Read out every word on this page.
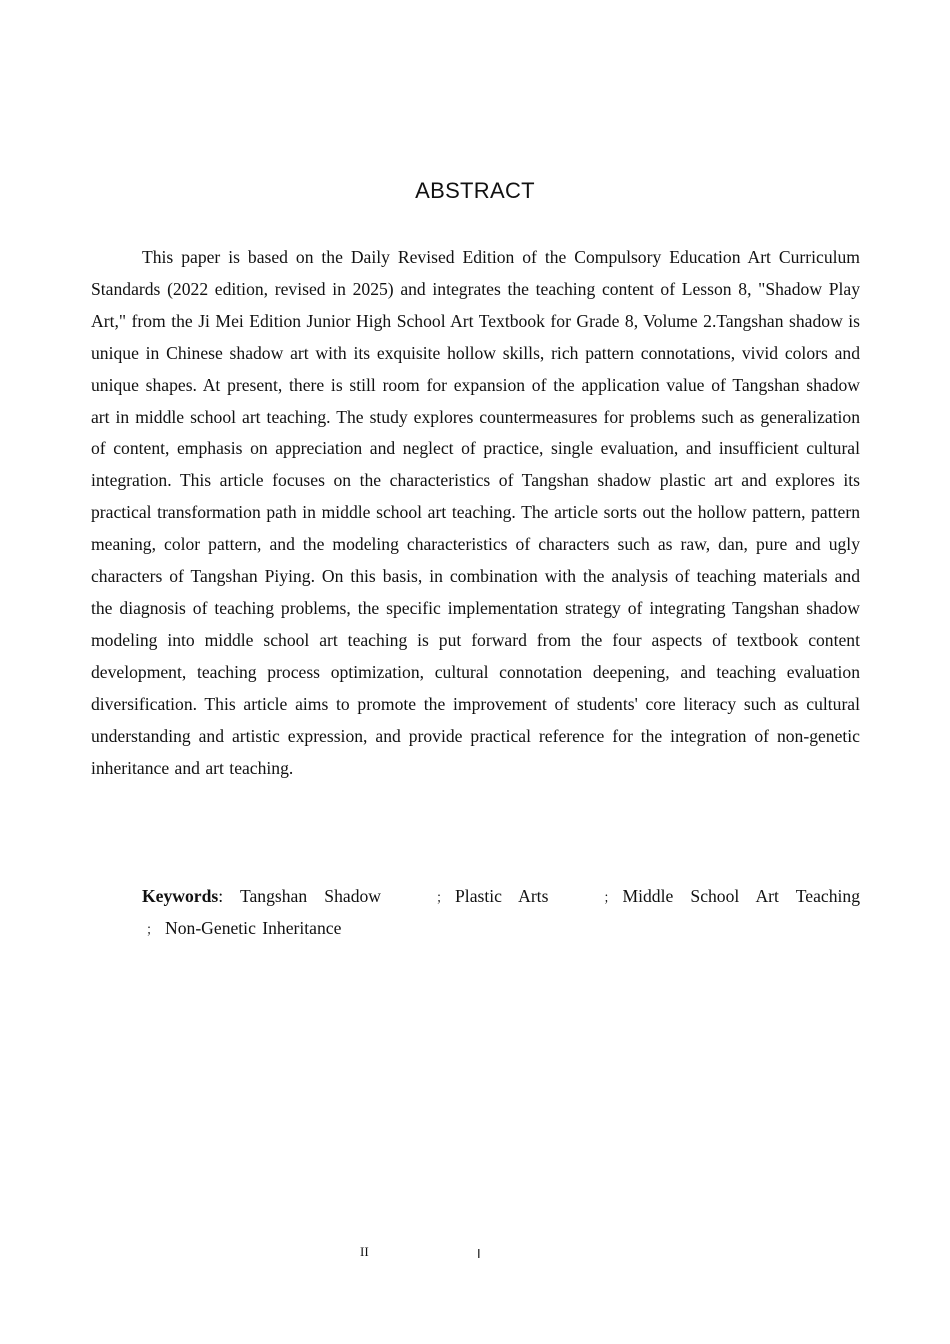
ABSTRACT

This paper is based on the Daily Revised Edition of the Compulsory Education Art Curriculum Standards (2022 edition, revised in 2025) and integrates the teaching content of Lesson 8, "Shadow Play Art," from the Ji Mei Edition Junior High School Art Textbook for Grade 8, Volume 2.Tangshan shadow is unique in Chinese shadow art with its exquisite hollow skills, rich pattern connotations, vivid colors and unique shapes. At present, there is still room for expansion of the application value of Tangshan shadow art in middle school art teaching. The study explores countermeasures for problems such as generalization of content, emphasis on appreciation and neglect of practice, single evaluation, and insufficient cultural integration. This article focuses on the characteristics of Tangshan shadow plastic art and explores its practical transformation path in middle school art teaching. The article sorts out the hollow pattern, pattern meaning, color pattern, and the modeling characteristics of characters such as raw, dan, pure and ugly characters of Tangshan Piying. On this basis, in combination with the analysis of teaching materials and the diagnosis of teaching problems, the specific implementation strategy of integrating Tangshan shadow modeling into middle school art teaching is put forward from the four aspects of textbook content development, teaching process optimization, cultural connotation deepening, and teaching evaluation diversification. This article aims to promote the improvement of students' core literacy such as cultural understanding and artistic expression, and provide practical reference for the integration of non-genetic inheritance and art teaching.

Keywords: Tangshan Shadow	； Plastic Arts	； Middle School Art Teaching； Non-Genetic Inheritance

II	I
